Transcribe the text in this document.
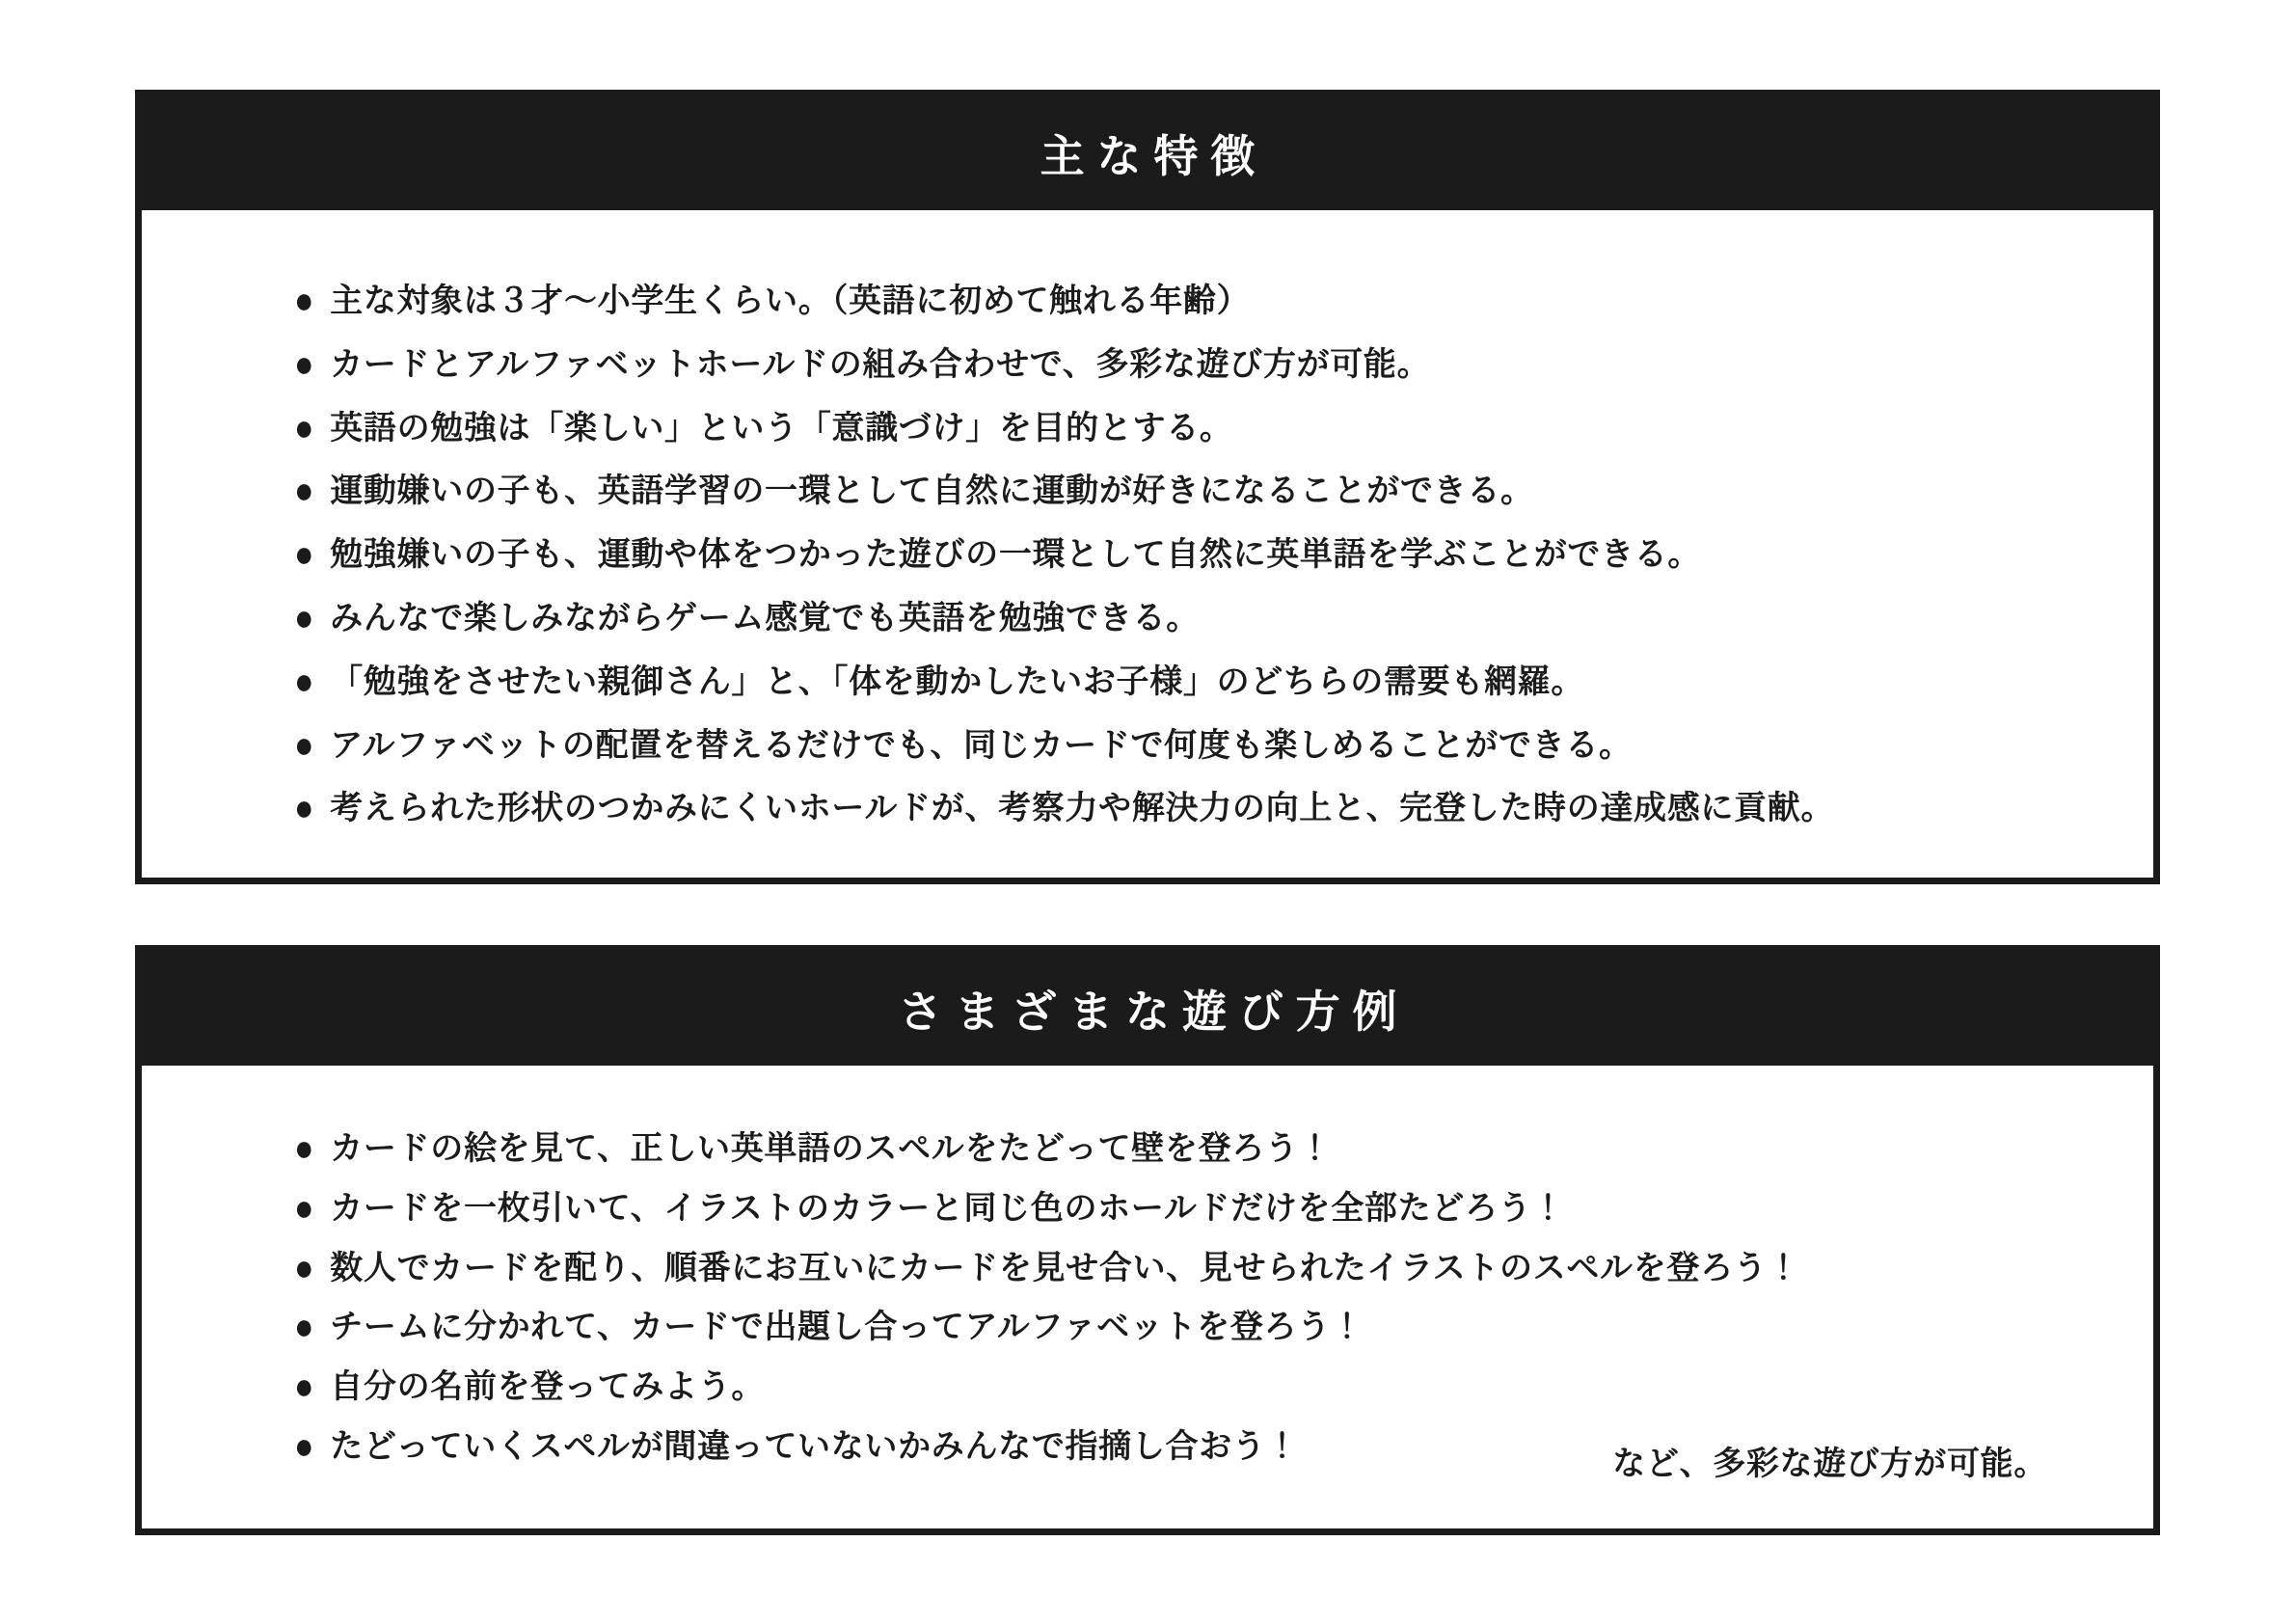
主な特徴
● 主な対象は３才〜小学生くらい。（英語に初めて触れる年齢）
● カードとアルファベットホールドの組み合わせで、多彩な遊び方が可能。
● 英語の勉強は「楽しい」という「意識づけ」を目的とする。
● 運動嫌いの子も、英語学習の一環として自然に運動が好きになることができる。
● 勉強嫌いの子も、運動や体をつかった遊びの一環として自然に英単語を学ぶことができる。
● みんなで楽しみながらゲーム感覚でも英語を勉強できる。
● 「勉強をさせたい親御さん」と、「体を動かしたいお子様」のどちらの需要も網羅。
● アルファベットの配置を替えるだけでも、同じカードで何度も楽しめることができる。
● 考えられた形状のつかみにくいホールドが、考察力や解決力の向上と、完登した時の達成感に貢献。
さまざまな遊び方例
● カードの絵を見て、正しい英単語のスペルをたどって壁を登ろう！
● カードを一枚引いて、イラストのカラーと同じ色のホールドだけを全部たどろう！
● 数人でカードを配り、順番にお互いにカードを見せ合い、見せられたイラストのスペルを登ろう！
● チームに分かれて、カードで出題し合ってアルファベットを登ろう！
● 自分の名前を登ってみよう。
● たどっていくスペルが間違っていないかみんなで指摘し合おう！	など、多彩な遊び方が可能。
